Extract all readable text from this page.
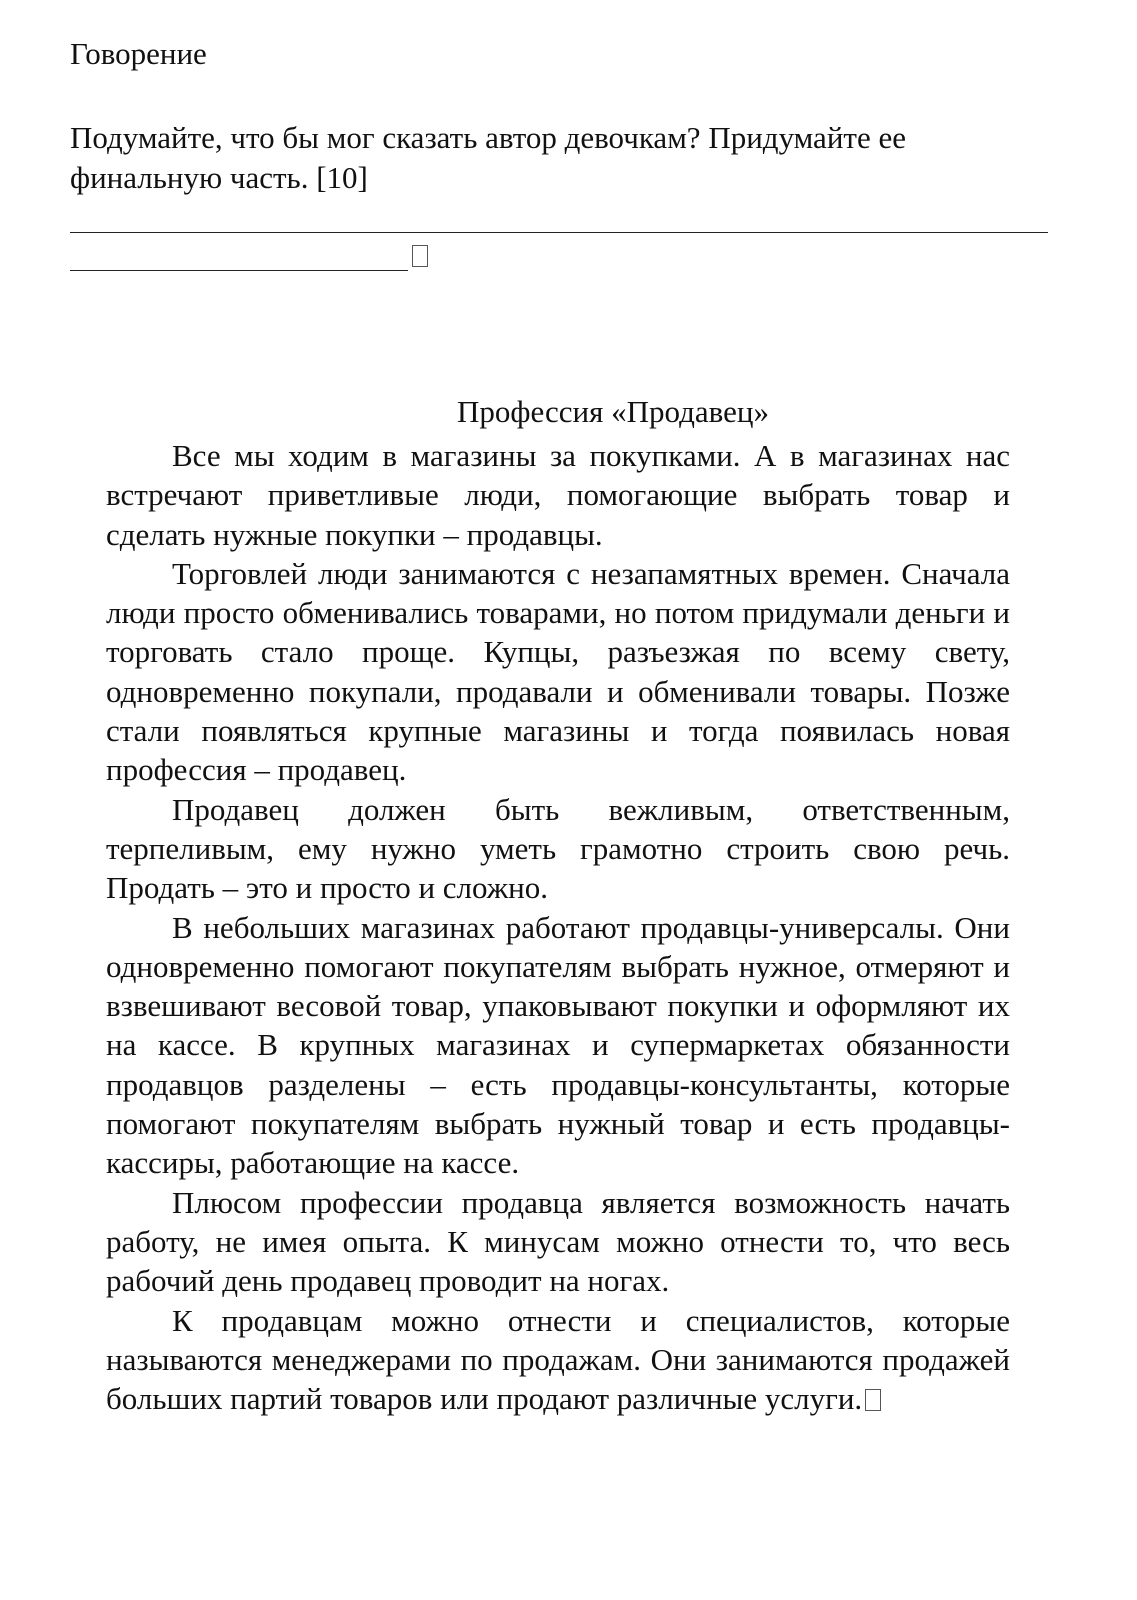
Говорение

Подумайте, что бы мог сказать автор девочкам? Придумайте ее финальную часть. [10]

Профессия «Продавец»

Все мы ходим в магазины за покупками. А в магазинах нас встречают приветливые люди, помогающие выбрать товар и сделать нужные покупки – продавцы.

Торговлей люди занимаются с незапамятных времен. Сначала люди просто обменивались товарами, но потом придумали деньги и торговать стало проще. Купцы, разъезжая по всему свету, одновременно покупали, продавали и обменивали товары. Позже стали появляться крупные магазины и тогда появилась новая профессия – продавец.

Продавец должен быть вежливым, ответственным, терпеливым, ему нужно уметь грамотно строить свою речь. Продать – это и просто и сложно.

В небольших магазинах работают продавцы-универсалы. Они одновременно помогают покупателям выбрать нужное, отмеряют и взвешивают весовой товар, упаковывают покупки и оформляют их на кассе. В крупных магазинах и супермаркетах обязанности продавцов разделены – есть продавцы-консультанты, которые помогают покупателям выбрать нужный товар и есть продавцы-кассиры, работающие на кассе.

Плюсом профессии продавца является возможность начать работу, не имея опыта. К минусам можно отнести то, что весь рабочий день продавец проводит на ногах.

К продавцам можно отнести и специалистов, которые называются менеджерами по продажам. Они занимаются продажей больших партий товаров или продают различные услуги.
